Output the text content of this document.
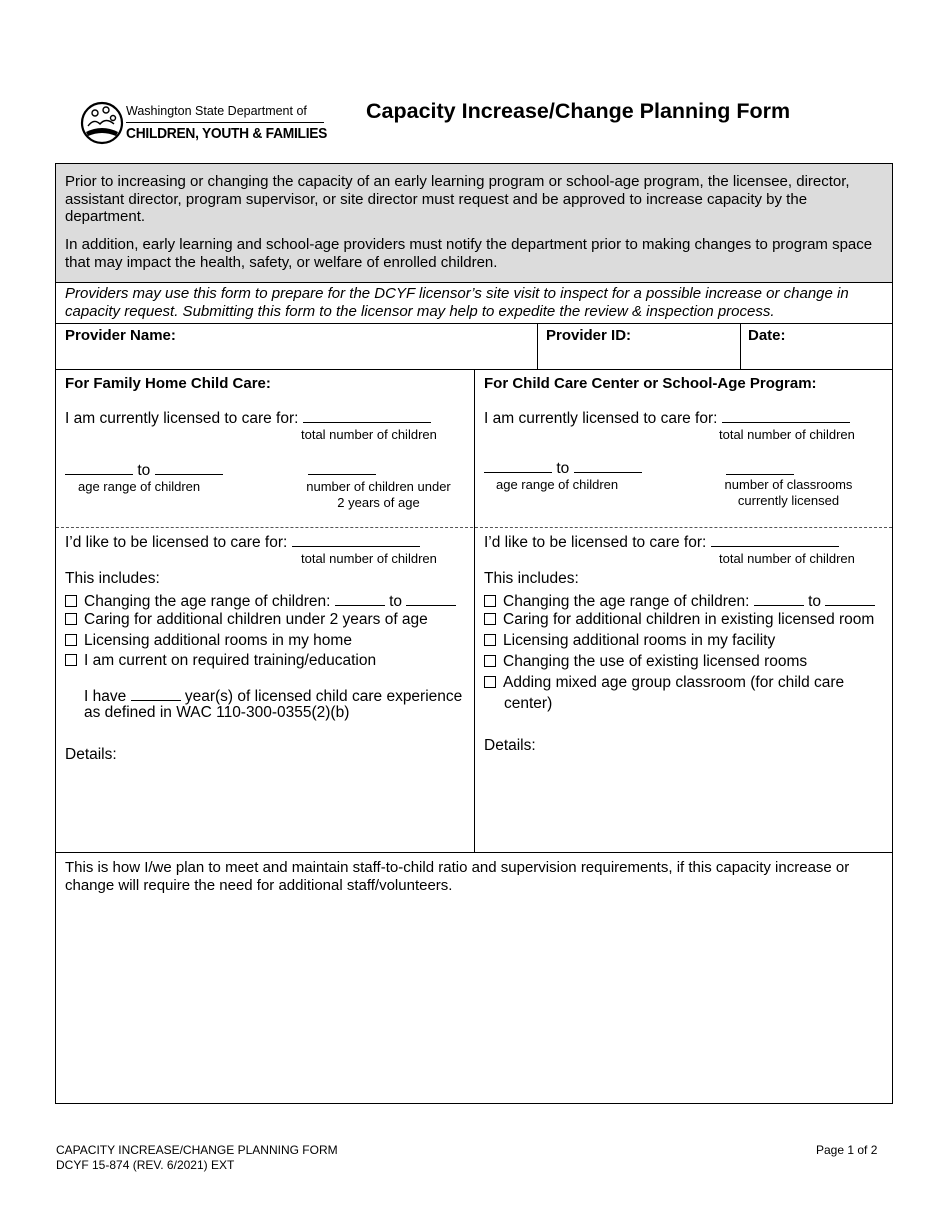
Washington State Department of
CHILDREN, YOUTH & FAMILIES
Capacity Increase/Change Planning Form
Prior to increasing or changing the capacity of an early learning program or school-age program, the licensee, director, assistant director, program supervisor, or site director must request and be approved to increase capacity by the department.
In addition, early learning and school-age providers must notify the department prior to making changes to program space that may impact the health, safety, or welfare of enrolled children.
Providers may use this form to prepare for the DCYF licensor’s site visit to inspect for a possible increase or change in capacity request. Submitting this form to the licensor may help to expedite the review & inspection process.
Provider Name:	Provider ID:	Date:
For Family Home Child Care:
I am currently licensed to care for:
total number of children
to
age range of children	number of children under
2 years of age
I’d like to be licensed to care for:
total number of children
This includes:
Changing the age range of children:	to
Caring for additional children under 2 years of age
Licensing additional rooms in my home
I am current on required training/education
I have	year(s) of licensed child care experience
as defined in WAC 110-300-0355(2)(b)
Details:
For Child Care Center or School-Age Program:
I am currently licensed to care for:
total number of children
to
age range of children	number of classrooms
currently licensed
I’d like to be licensed to care for:
total number of children
This includes:
Changing the age range of children:	to
Caring for additional children in existing licensed room
Licensing additional rooms in my facility
Changing the use of existing licensed rooms
Adding mixed age group classroom (for child care
center)
Details:
This is how I/we plan to meet and maintain staff-to-child ratio and supervision requirements, if this capacity increase or change will require the need for additional staff/volunteers.
CAPACITY INCREASE/CHANGE PLANNING FORM
DCYF 15-874 (REV. 6/2021) EXT
Page 1 of 2
